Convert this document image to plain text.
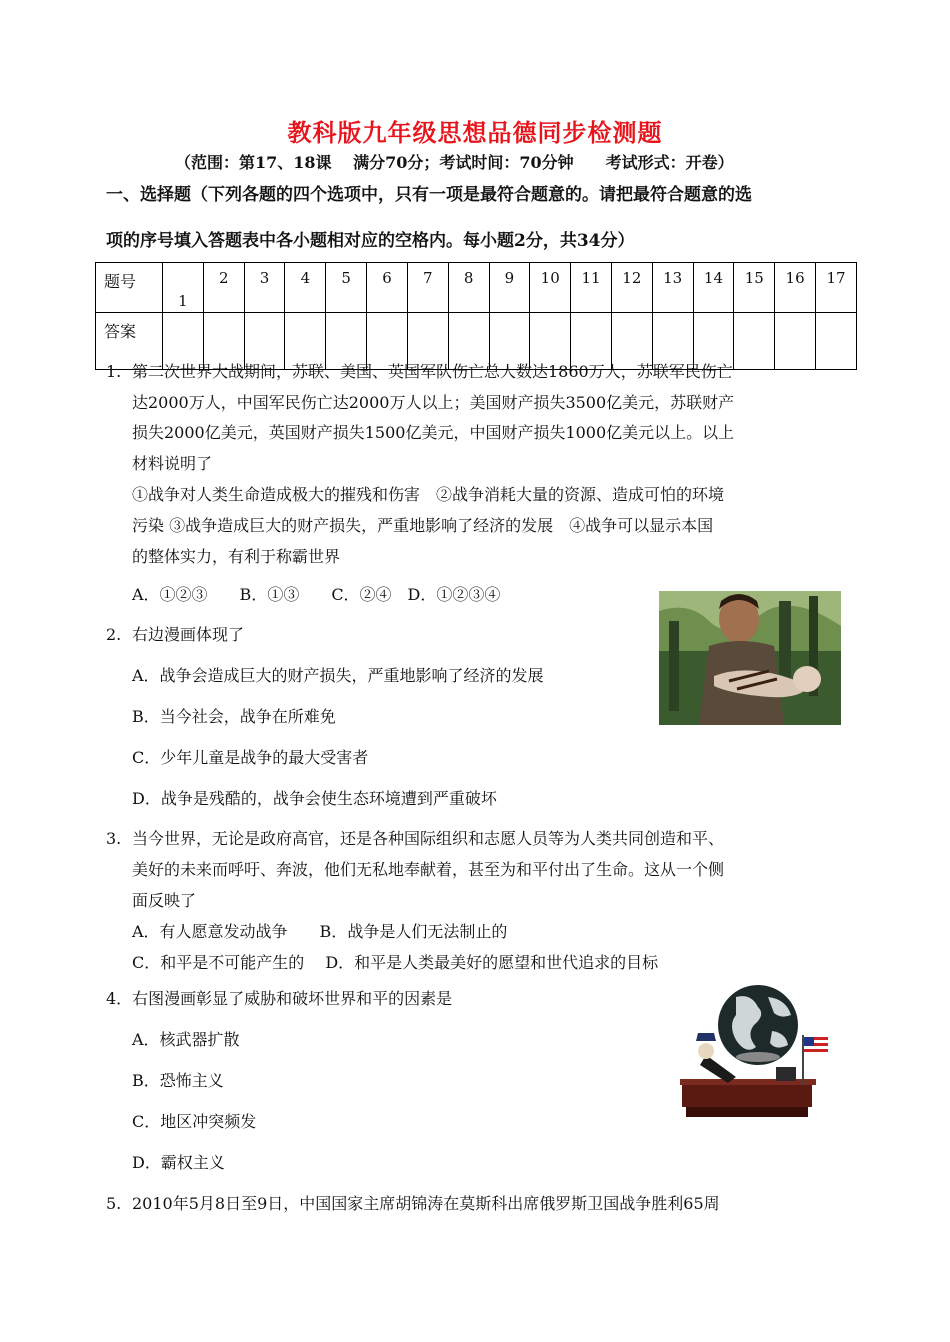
教科版九年级思想品德同步检测题
（范围：第17、18课　 满分70分；考试时间：70分钟　　考试形式：开卷）
一、选择题（下列各题的四个选项中，只有一项是最符合题意的。请把最符合题意的选
项的序号填入答题表中各小题相对应的空格内。每小题2分，共34分）
题号	1	2	3	4	5	6	7	8	9	10	11	12	13	14	15	16	17
答案																	
1. 第二次世界大战期间，苏联、美国、英国军队伤亡总人数达1860万人，苏联军民伤亡
达2000万人，中国军民伤亡达2000万人以上；美国财产损失3500亿美元，苏联财产
损失2000亿美元，英国财产损失1500亿美元，中国财产损失1000亿美元以上。以上
材料说明了
①战争对人类生命造成极大的摧残和伤害　②战争消耗大量的资源、造成可怕的环境
污染 ③战争造成巨大的财产损失，严重地影响了经济的发展　④战争可以显示本国
的整体实力，有利于称霸世界
A．①②③　　B．①③　　C．②④　D．①②③④
2. 右边漫画体现了
A．战争会造成巨大的财产损失，严重地影响了经济的发展
B．当今社会，战争在所难免
C．少年儿童是战争的最大受害者
D．战争是残酷的，战争会使生态环境遭到严重破坏
3. 当今世界，无论是政府高官，还是各种国际组织和志愿人员等为人类共同创造和平、
美好的未来而呼吁、奔波，他们无私地奉献着，甚至为和平付出了生命。这从一个侧
面反映了
A．有人愿意发动战争　　B．战争是人们无法制止的
C．和平是不可能产生的　 D．和平是人类最美好的愿望和世代追求的目标
4．右图漫画彰显了威胁和破坏世界和平的因素是
A．核武器扩散
B．恐怖主义
C．地区冲突频发
D．霸权主义
5. 2010年5月8日至9日，中国国家主席胡锦涛在莫斯科出席俄罗斯卫国战争胜利65周
